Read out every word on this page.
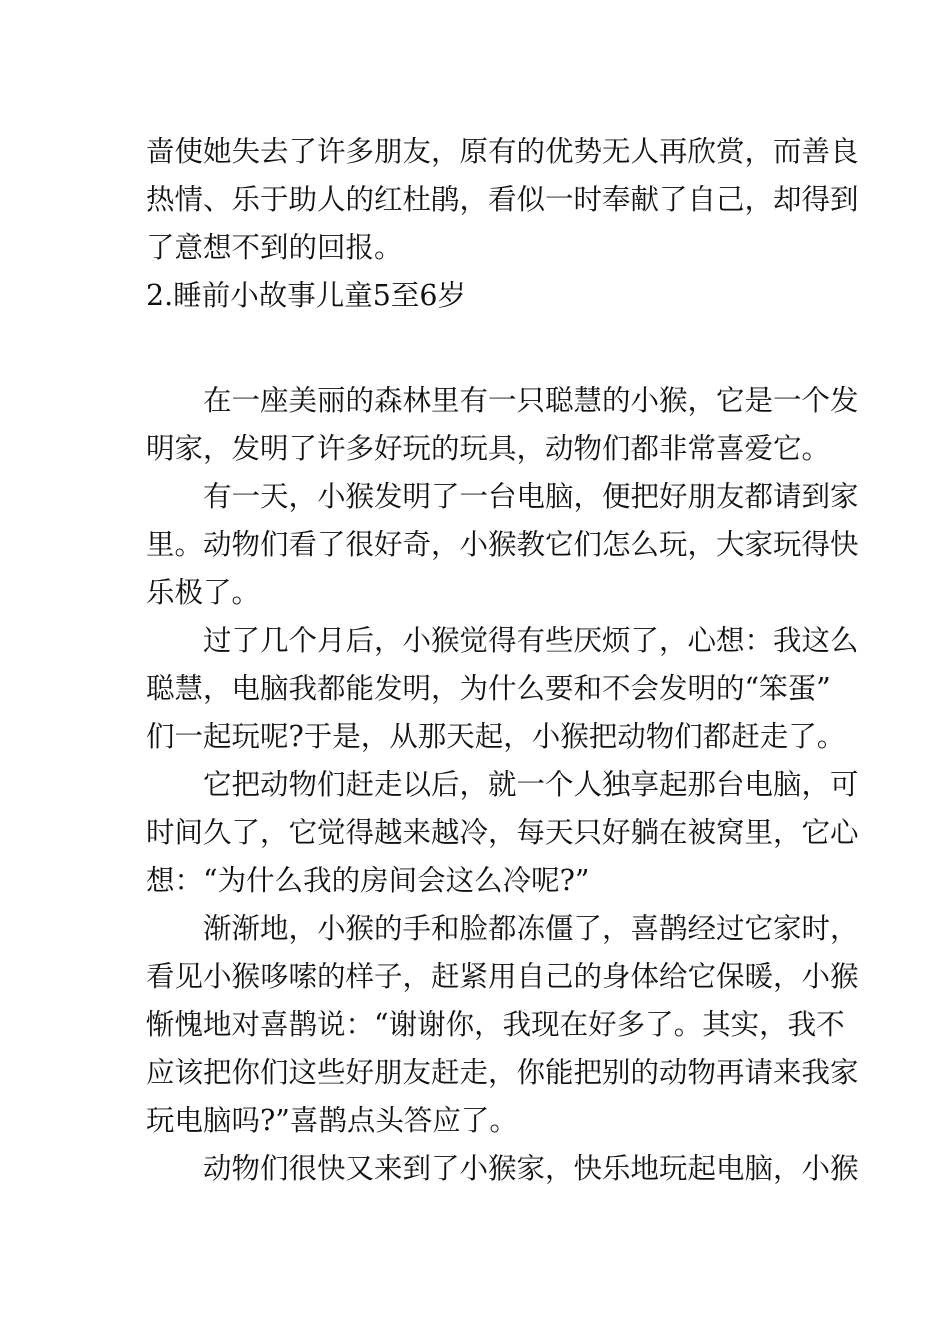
啬使她失去了许多朋友，原有的优势无人再欣赏，而善良
热情、乐于助人的红杜鹃，看似一时奉献了自己，却得到
了意想不到的回报。
2.睡前小故事儿童5至6岁
在一座美丽的森林里有一只聪慧的小猴，它是一个发
明家，发明了许多好玩的玩具，动物们都非常喜爱它。
有一天，小猴发明了一台电脑，便把好朋友都请到家
里。动物们看了很好奇，小猴教它们怎么玩，大家玩得快
乐极了。
过了几个月后，小猴觉得有些厌烦了，心想：我这么
聪慧，电脑我都能发明，为什么要和不会发明的“笨蛋”
们一起玩呢?于是，从那天起，小猴把动物们都赶走了。
它把动物们赶走以后，就一个人独享起那台电脑，可
时间久了，它觉得越来越冷，每天只好躺在被窝里，它心
想：“为什么我的房间会这么冷呢?”
渐渐地，小猴的手和脸都冻僵了，喜鹊经过它家时，
看见小猴哆嗦的样子，赶紧用自己的身体给它保暖，小猴
惭愧地对喜鹊说：“谢谢你，我现在好多了。其实，我不
应该把你们这些好朋友赶走，你能把别的动物再请来我家
玩电脑吗?”喜鹊点头答应了。
动物们很快又来到了小猴家，快乐地玩起电脑，小猴
